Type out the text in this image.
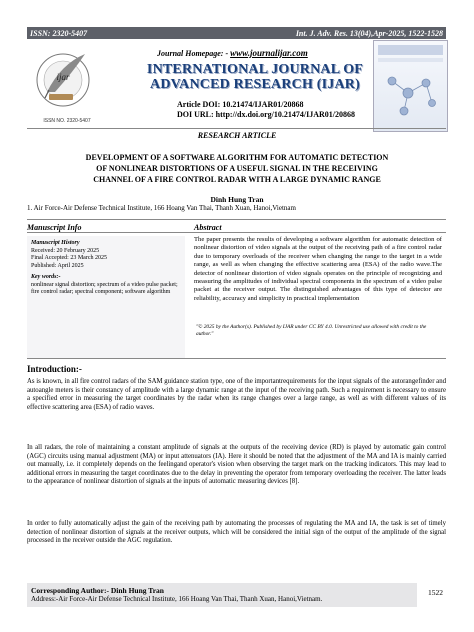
ISSN: 2320-5407	Int. J. Adv. Res. 13(04),Apr-2025, 1522-1528
ijar
ISSN NO. 2320-5407
Journal Homepage: - www.journalijar.com
INTERNATIONAL JOURNAL OF
ADVANCED RESEARCH (IJAR)
Article DOI: 10.21474/IJAR01/20868
DOI URL: http://dx.doi.org/10.21474/IJAR01/20868
RESEARCH ARTICLE
DEVELOPMENT OF A SOFTWARE ALGORITHM FOR AUTOMATIC DETECTION
OF NONLINEAR DISTORTIONS OF A USEFUL SIGNAL IN THE RECEIVING
CHANNEL OF A FIRE CONTROL RADAR WITH A LARGE DYNAMIC RANGE
Dinh Hung Tran
1. Air Force-Air Defense Technical Institute, 166 Hoang Van Thai, Thanh Xuan, Hanoi,Vietnam
Manuscript Info	Abstract
Manuscript History
Received: 20 February 2025
Final Accepted: 23 March 2025
Published: April 2025
Key words:-
nonlinear signal distortion; spectrum of a video pulse packet; fire control radar; spectral component; software algorithm
The paper presents the results of developing a software algorithm for automatic detection of nonlinear distortion of video signals at the output of the receiving path of a fire control radar due to temporary overloads of the receiver when changing the range to the target in a wide range, as well as when changing the effective scattering area (ESA) of the radio wave.The detector of nonlinear distortion of video signals operates on the principle of recognizing and measuring the amplitudes of individual spectral components in the spectrum of a video pulse packet at the receiver output. The distinguished advantages of this type of detector are reliability, accuracy and simplicity in practical implementation
"© 2025 by the Author(s). Published by IJAR under CC BY 4.0. Unrestricted use allowed with credit to the author."
Introduction:-
As is known, in all fire control radars of the SAM guidance station type, one of the importantrequirements for the input signals of the autorangefinder and autoangle meters is their constancy of amplitude with a large dynamic range at the input of the receiving path. Such a requirement is necessary to ensure a specified error in measuring the target coordinates by the radar when its range changes over a large range, as well as with different values of its effective scattering area (ESA) of radio waves.
In all radars, the role of maintaining a constant amplitude of signals at the outputs of the receiving device (RD) is played by automatic gain control (AGC) circuits using manual adjustment (MA) or input attenuators (IA). Here it should be noted that the adjustment of the MA and IA is mainly carried out manually, i.e. it completely depends on the feelingand operator's vision when observing the target mark on the tracking indicators. This may lead to additional errors in measuring the target coordinates due to the delay in preventing the operator from temporary overloading the receiver. The latter leads to the appearance of nonlinear distortion of signals at the inputs of automatic measuring devices [8].
In order to fully automatically adjust the gain of the receiving path by automating the processes of regulating the MA and IA, the task is set of timely detection of nonlinear distortion of signals at the receiver outputs, which will be considered the initial sign of the output of the amplitude of the signal processed in the receiver outside the AGC regulation.
Corresponding Author:- Dinh Hung Tran
Address:-Air Force-Air Defense Technical Institute, 166 Hoang Van Thai, Thanh Xuan, Hanoi,Vietnam.
1522
